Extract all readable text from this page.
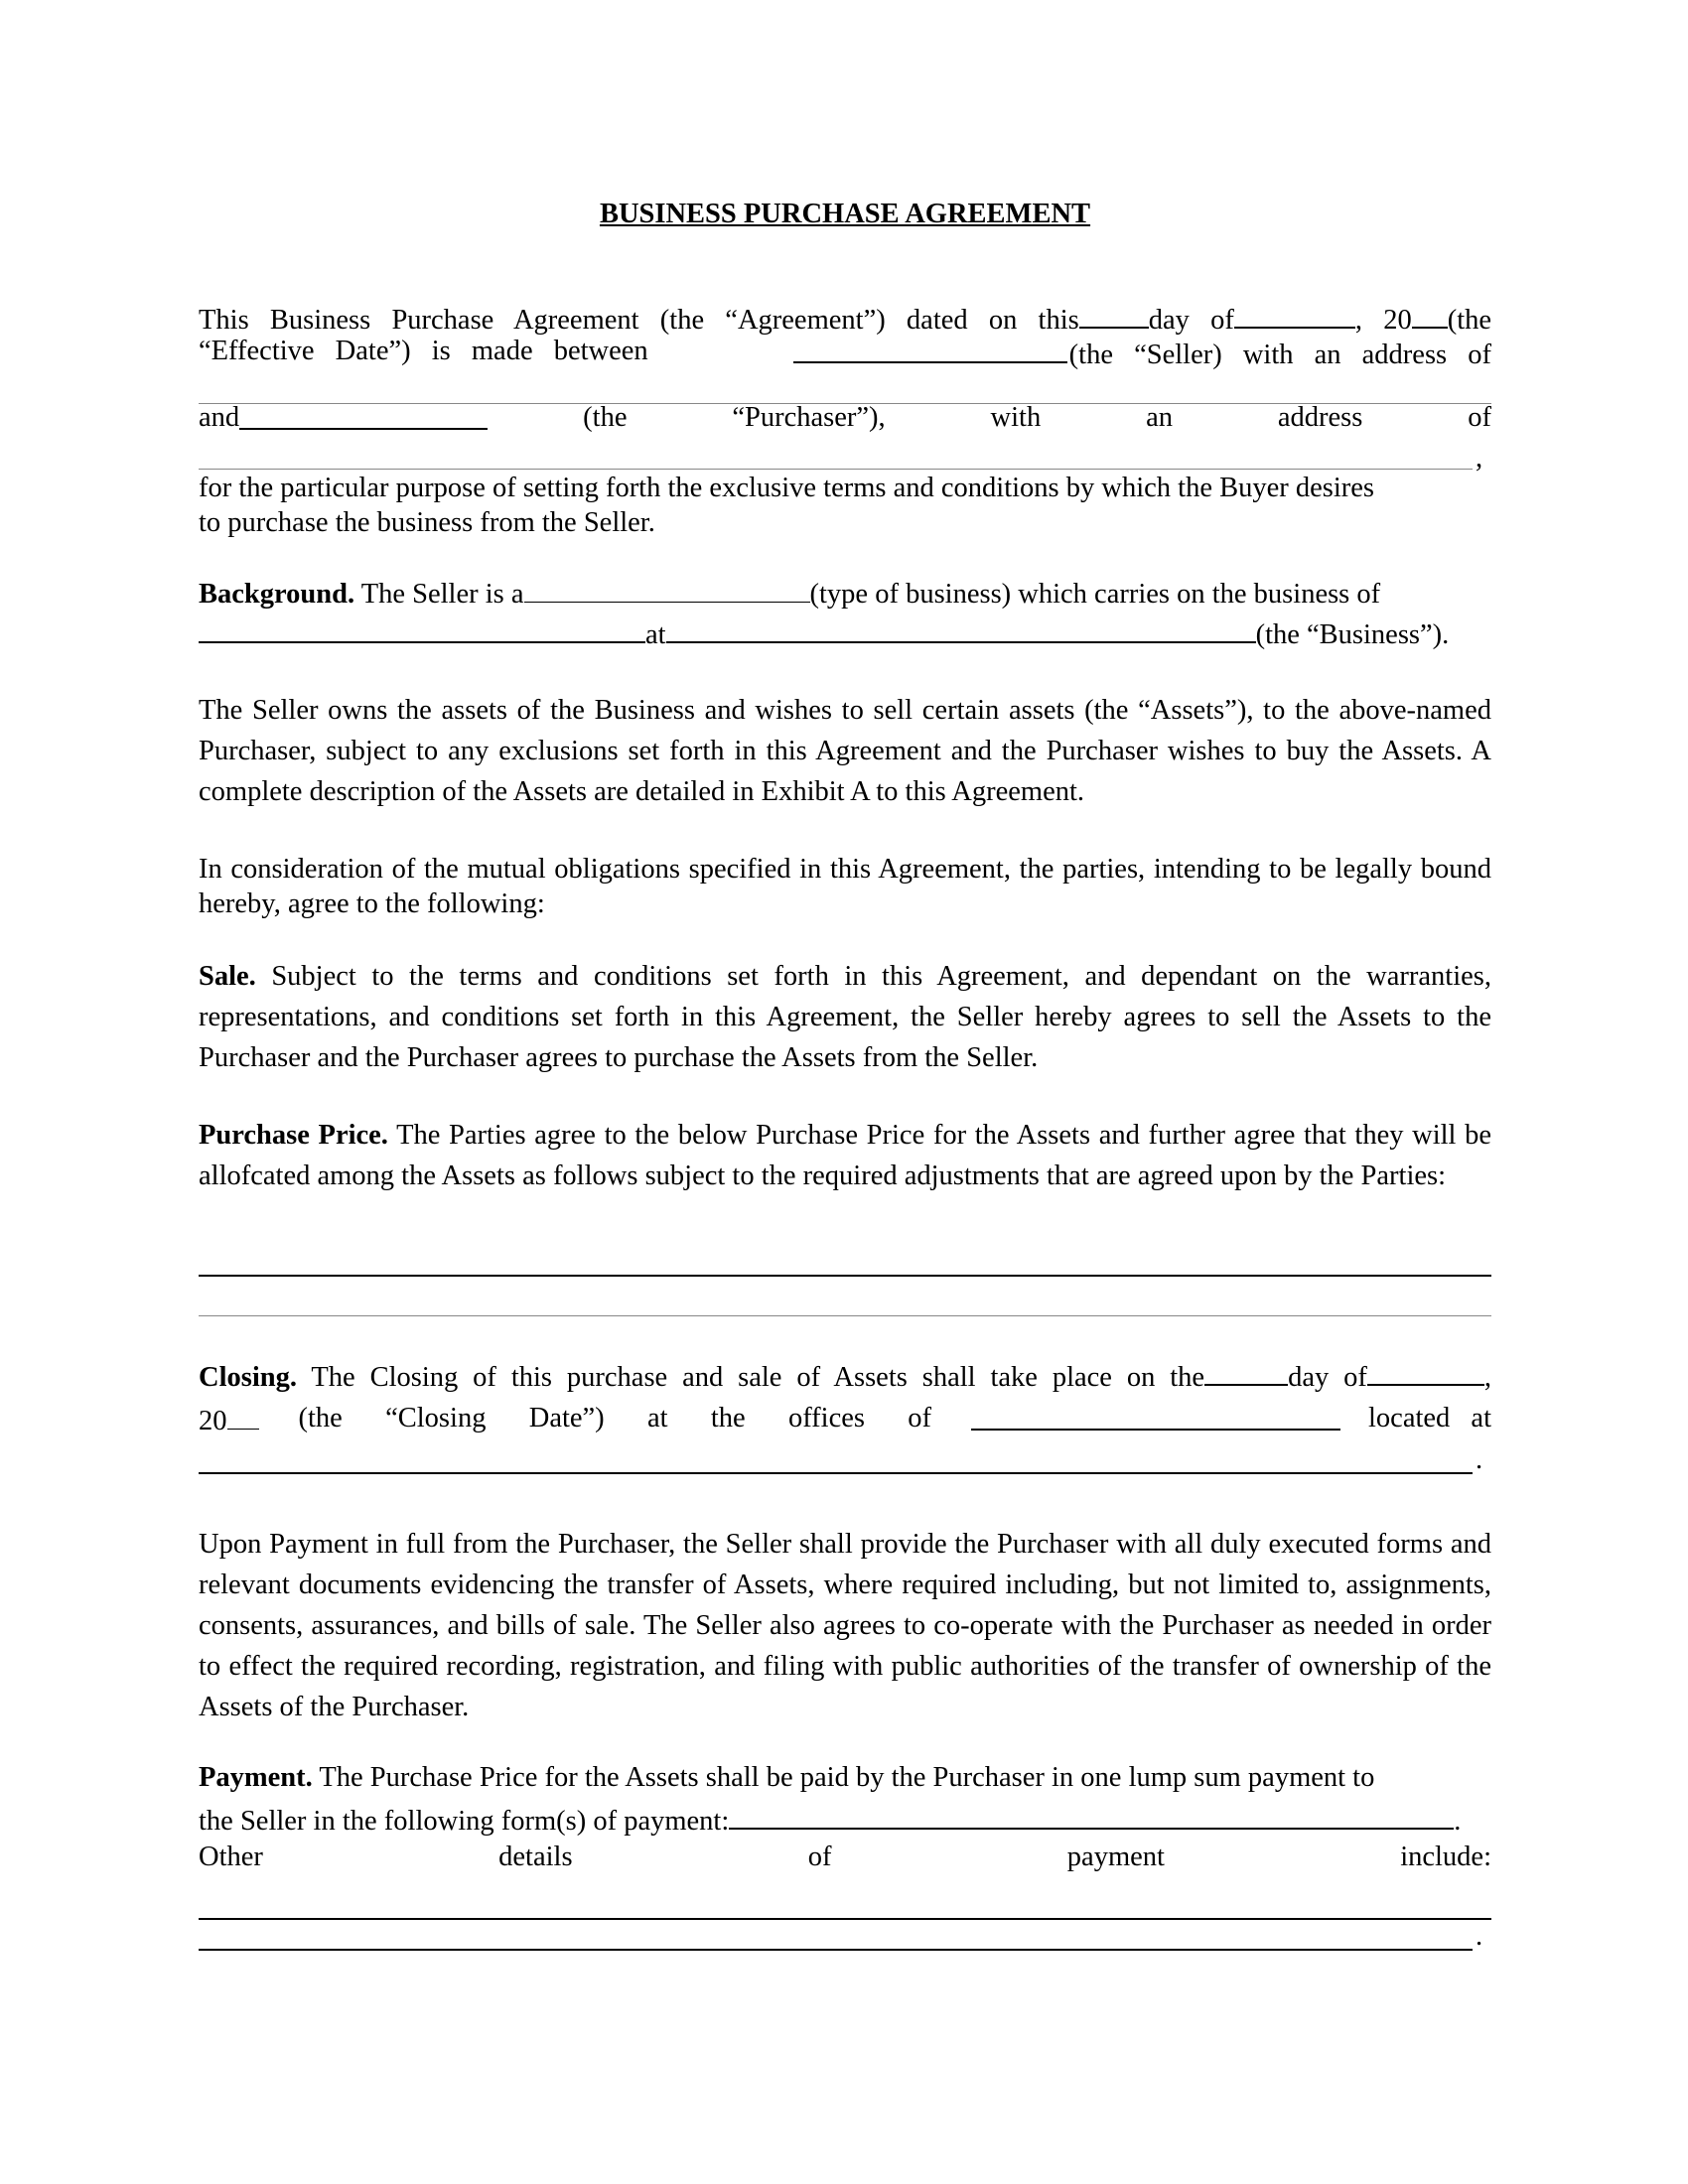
BUSINESS PURCHASE AGREEMENT
This Business Purchase Agreement (the “Agreement”) dated on this day of	, 20 (the
“Effective Date”) is made between	(the “Seller) with an address of
and	(the “Purchaser”), with an address of
,
for the particular purpose of setting forth the exclusive terms and conditions by which the Buyer desires
to purchase the business from the Seller.
Background. The Seller is a	(type of business) which carries on the business of
at	(the “Business”).
The Seller owns the assets of the Business and wishes to sell certain assets (the “Assets”), to the above-named Purchaser, subject to any exclusions set forth in this Agreement and the Purchaser wishes to buy the Assets. A complete description of the Assets are detailed in Exhibit A to this Agreement.
In consideration of the mutual obligations specified in this Agreement, the parties, intending to be legally bound hereby, agree to the following:
Sale. Subject to the terms and conditions set forth in this Agreement, and dependant on the warranties, representations, and conditions set forth in this Agreement, the Seller hereby agrees to sell the Assets to the Purchaser and the Purchaser agrees to purchase the Assets from the Seller.
Purchase Price. The Parties agree to the below Purchase Price for the Assets and further agree that they will be allofcated among the Assets as follows subject to the required adjustments that are agreed upon by the Parties:
Closing. The Closing of this purchase and sale of Assets shall take place on the	day of	,
20	(the “Closing Date”) at the offices of	located at
.
Upon Payment in full from the Purchaser, the Seller shall provide the Purchaser with all duly executed forms and relevant documents evidencing the transfer of Assets, where required including, but not limited to, assignments, consents, assurances, and bills of sale. The Seller also agrees to co-operate with the Purchaser as needed in order to effect the required recording, registration, and filing with public authorities of the transfer of ownership of the Assets of the Purchaser.
Payment. The Purchase Price for the Assets shall be paid by the Purchaser in one lump sum payment to
the Seller in the following form(s) of payment:	.
Other details of payment include:
.
